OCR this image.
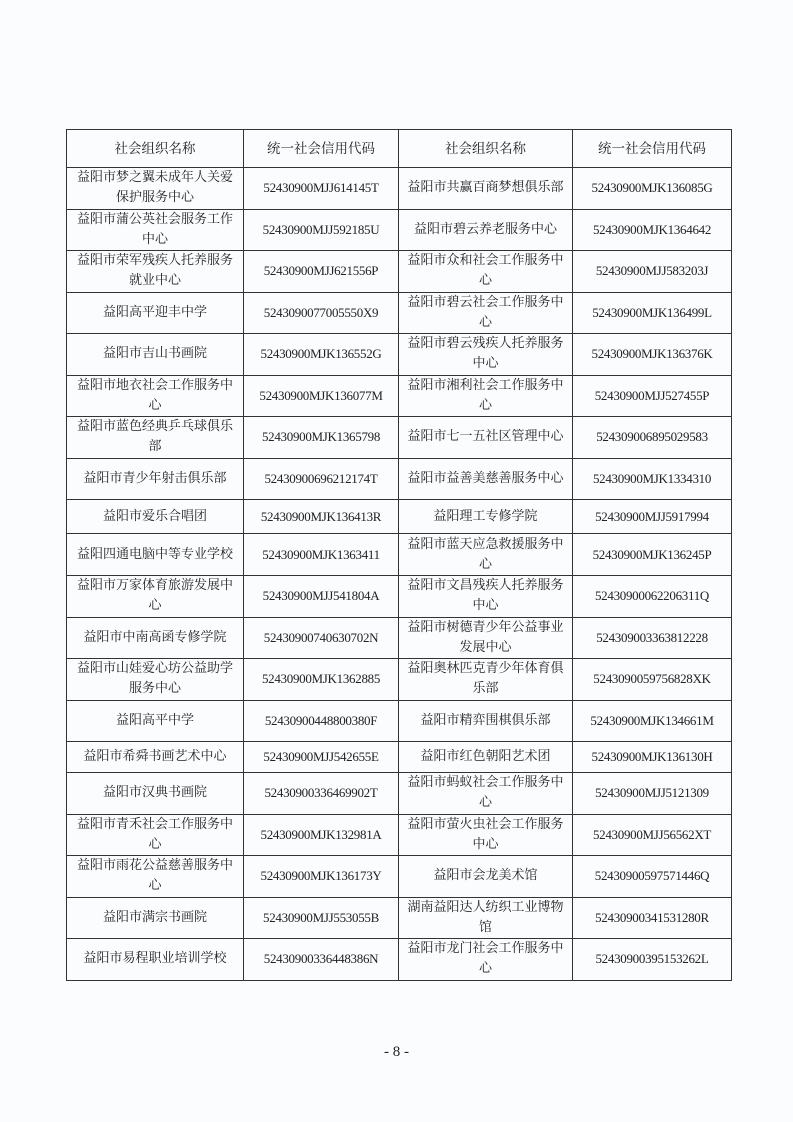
社会组织名称	统一社会信用代码	社会组织名称	统一社会信用代码
益阳市梦之翼未成年人关爱保护服务中心	52430900MJJ614145T	益阳市共赢百商梦想俱乐部	52430900MJK136085G
益阳市蒲公英社会服务工作中心	52430900MJJ592185U	益阳市碧云养老服务中心	52430900MJK1364642
益阳市荣军残疾人托养服务就业中心	52430900MJJ621556P	益阳市众和社会工作服务中心	52430900MJJ583203J
益阳高平迎丰中学	5243090077005550X9	益阳市碧云社会工作服务中心	52430900MJK136499L
益阳市吉山书画院	52430900MJK136552G	益阳市碧云残疾人托养服务中心	52430900MJK136376K
益阳市地衣社会工作服务中心	52430900MJK136077M	益阳市湘利社会工作服务中心	52430900MJJ527455P
益阳市蓝色经典乒乓球俱乐部	52430900MJK1365798	益阳市七一五社区管理中心	524309006895029583
益阳市青少年射击俱乐部	52430900696212174T	益阳市益善美慈善服务中心	52430900MJK1334310
益阳市爱乐合唱团	52430900MJK136413R	益阳理工专修学院	52430900MJJ5917994
益阳四通电脑中等专业学校	52430900MJK1363411	益阳市蓝天应急救援服务中心	52430900MJK136245P
益阳市万家体育旅游发展中心	52430900MJJ541804A	益阳市文昌残疾人托养服务中心	52430900062206311Q
益阳市中南高函专修学院	52430900740630702N	益阳市树德青少年公益事业发展中心	524309003363812228
益阳市山娃爱心坊公益助学服务中心	52430900MJK1362885	益阳奥林匹克青少年体育俱乐部	5243090059756828XK
益阳高平中学	52430900448800380F	益阳市精弈围棋俱乐部	52430900MJK134661M
益阳市希舜书画艺术中心	52430900MJJ542655E	益阳市红色朝阳艺术团	52430900MJK136130H
益阳市汉典书画院	52430900336469902T	益阳市蚂蚁社会工作服务中心	52430900MJJ5121309
益阳市青禾社会工作服务中心	52430900MJK132981A	益阳市萤火虫社会工作服务中心	52430900MJJ56562XT
益阳市雨花公益慈善服务中心	52430900MJK136173Y	益阳市会龙美术馆	52430900597571446Q
益阳市满宗书画院	52430900MJJ553055B	湖南益阳达人纺织工业博物馆	52430900341531280R
益阳市易程职业培训学校	52430900336448386N	益阳市龙门社会工作服务中心	52430900395153262L
- 8 -
